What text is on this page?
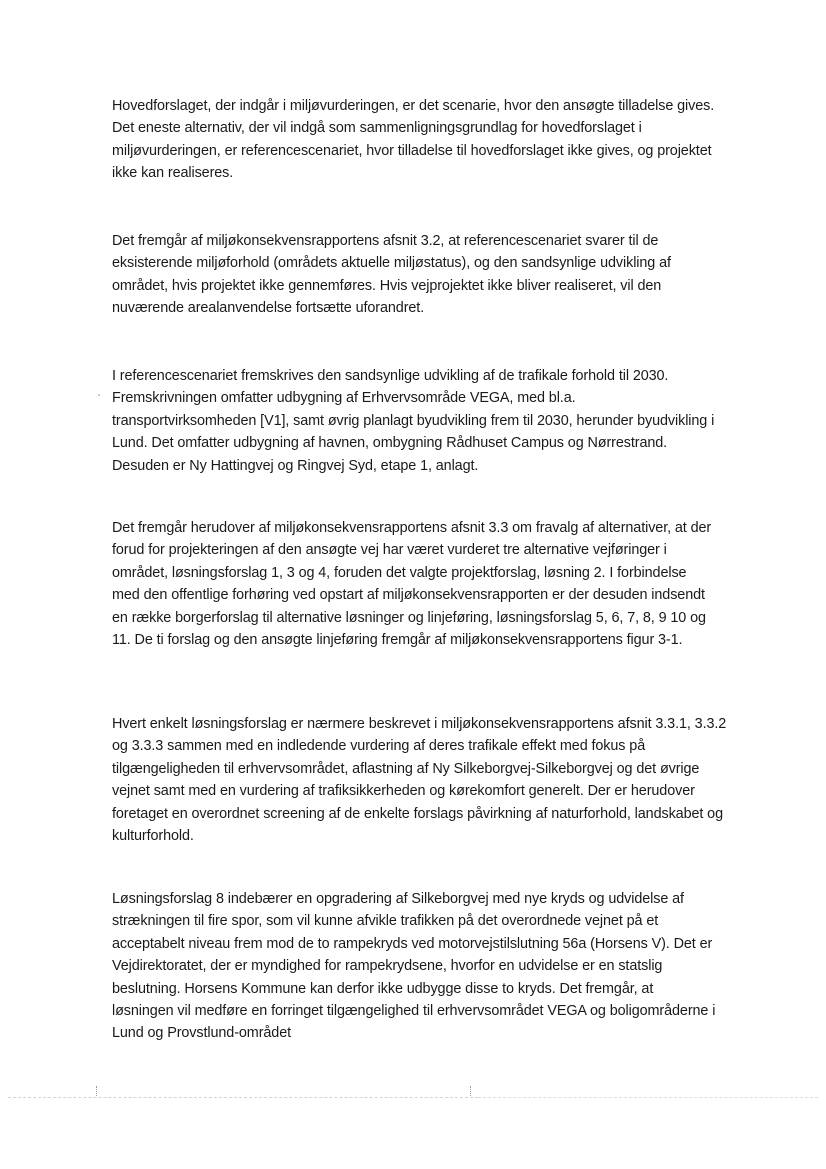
Hovedforslaget, der indgår i miljøvurderingen, er det scenarie, hvor den ansøgte tilladelse gives. Det eneste alternativ, der vil indgå som sammenligningsgrundlag for hovedforslaget i miljøvurderingen, er referencescenariet, hvor tilladelse til hovedforslaget ikke gives, og projektet ikke kan realiseres.

Det fremgår af miljøkonsekvensrapportens afsnit 3.2, at referencescenariet svarer til de eksisterende miljøforhold (områdets aktuelle miljøstatus), og den sandsynlige udvikling af området, hvis projektet ikke gennemføres. Hvis vejprojektet ikke bliver realiseret, vil den nuværende arealanvendelse fortsætte uforandret.

I referencescenariet fremskrives den sandsynlige udvikling af de trafikale forhold til 2030. Fremskrivningen omfatter udbygning af Erhvervsområde VEGA, med bl.a. transportvirksomheden [V1], samt øvrig planlagt byudvikling frem til 2030, herunder byudvikling i Lund. Det omfatter udbygning af havnen, ombygning Rådhuset Campus og Nørrestrand. Desuden er Ny Hattingvej og Ringvej Syd, etape 1, anlagt.

Det fremgår herudover af miljøkonsekvensrapportens afsnit 3.3 om fravalg af alternativer, at der forud for projekteringen af den ansøgte vej har været vurderet tre alternative vejføringer i området, løsningsforslag 1, 3 og 4, foruden det valgte projektforslag, løsning 2. I forbindelse med den offentlige forhøring ved opstart af miljøkonsekvensrapporten er der desuden indsendt en række borgerforslag til alternative løsninger og linjeføring, løsningsforslag 5, 6, 7, 8, 9 10 og 11. De ti forslag og den ansøgte linjeføring fremgår af miljøkonsekvensrapportens figur 3-1.

Hvert enkelt løsningsforslag er nærmere beskrevet i miljøkonsekvensrapportens afsnit 3.3.1, 3.3.2 og 3.3.3 sammen med en indledende vurdering af deres trafikale effekt med fokus på tilgængeligheden til erhvervsområdet, aflastning af Ny Silkeborgvej-Silkeborgvej og det øvrige vejnet samt med en vurdering af trafiksikkerheden og kørekomfort generelt. Der er herudover foretaget en overordnet screening af de enkelte forslags påvirkning af naturforhold, landskabet og kulturforhold.

Løsningsforslag 8 indebærer en opgradering af Silkeborgvej med nye kryds og udvidelse af strækningen til fire spor, som vil kunne afvikle trafikken på det overordnede vejnet på et acceptabelt niveau frem mod de to rampekryds ved motorvejstilslutning 56a (Horsens V). Det er Vejdirektoratet, der er myndighed for rampekrydsene, hvorfor en udvidelse er en statslig beslutning. Horsens Kommune kan derfor ikke udbygge disse to kryds. Det fremgår, at løsningen vil medføre en forringet tilgængelighed til erhvervsområdet VEGA og boligområderne i Lund og Provstlund-området
